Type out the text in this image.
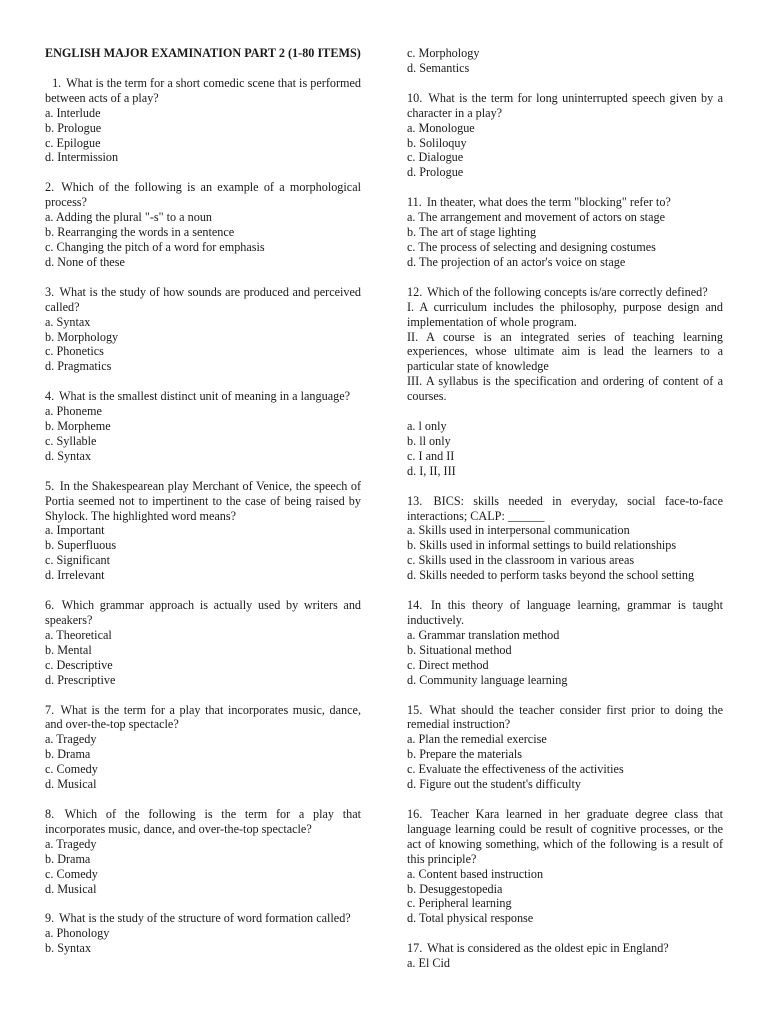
ENGLISH MAJOR EXAMINATION PART 2 (1-80 ITEMS)
1. What is the term for a short comedic scene that is performed between acts of a play?
a. Interlude
b. Prologue
c. Epilogue
d. Intermission
2. Which of the following is an example of a morphological process?
a. Adding the plural "-s" to a noun
b. Rearranging the words in a sentence
c. Changing the pitch of a word for emphasis
d. None of these
3. What is the study of how sounds are produced and perceived called?
a. Syntax
b. Morphology
c. Phonetics
d. Pragmatics
4. What is the smallest distinct unit of meaning in a language?
a. Phoneme
b. Morpheme
c. Syllable
d. Syntax
5. In the Shakespearean play Merchant of Venice, the speech of Portia seemed not to impertinent to the case of being raised by Shylock. The highlighted word means?
a. Important
b. Superfluous
c. Significant
d. Irrelevant
6. Which grammar approach is actually used by writers and speakers?
a. Theoretical
b. Mental
c. Descriptive
d. Prescriptive
7. What is the term for a play that incorporates music, dance, and over-the-top spectacle?
a. Tragedy
b. Drama
c. Comedy
d. Musical
8. Which of the following is the term for a play that incorporates music, dance, and over-the-top spectacle?
a. Tragedy
b. Drama
c. Comedy
d. Musical
9. What is the study of the structure of word formation called?
a. Phonology
b. Syntax
c. Morphology
d. Semantics
10. What is the term for long uninterrupted speech given by a character in a play?
a. Monologue
b. Soliloquy
c. Dialogue
d. Prologue
11. In theater, what does the term "blocking" refer to?
a. The arrangement and movement of actors on stage
b. The art of stage lighting
c. The process of selecting and designing costumes
d. The projection of an actor's voice on stage
12. Which of the following concepts is/are correctly defined?
I. A curriculum includes the philosophy, purpose design and implementation of whole program.
II. A course is an integrated series of teaching learning experiences, whose ultimate aim is lead the learners to a particular state of knowledge
III. A syllabus is the specification and ordering of content of a courses.
a. l only
b. ll only
c. I and II
d. I, II, III
13. BICS: skills needed in everyday, social face-to-face interactions; CALP: ______
a. Skills used in interpersonal communication
b. Skills used in informal settings to build relationships
c. Skills used in the classroom in various areas
d. Skills needed to perform tasks beyond the school setting
14. In this theory of language learning, grammar is taught inductively.
a. Grammar translation method
b. Situational method
c. Direct method
d. Community language learning
15. What should the teacher consider first prior to doing the remedial instruction?
a. Plan the remedial exercise
b. Prepare the materials
c. Evaluate the effectiveness of the activities
d. Figure out the student's difficulty
16. Teacher Kara learned in her graduate degree class that language learning could be result of cognitive processes, or the act of knowing something, which of the following is a result of this principle?
a. Content based instruction
b. Desuggestopedia
c. Peripheral learning
d. Total physical response
17. What is considered as the oldest epic in England?
a. El Cid
